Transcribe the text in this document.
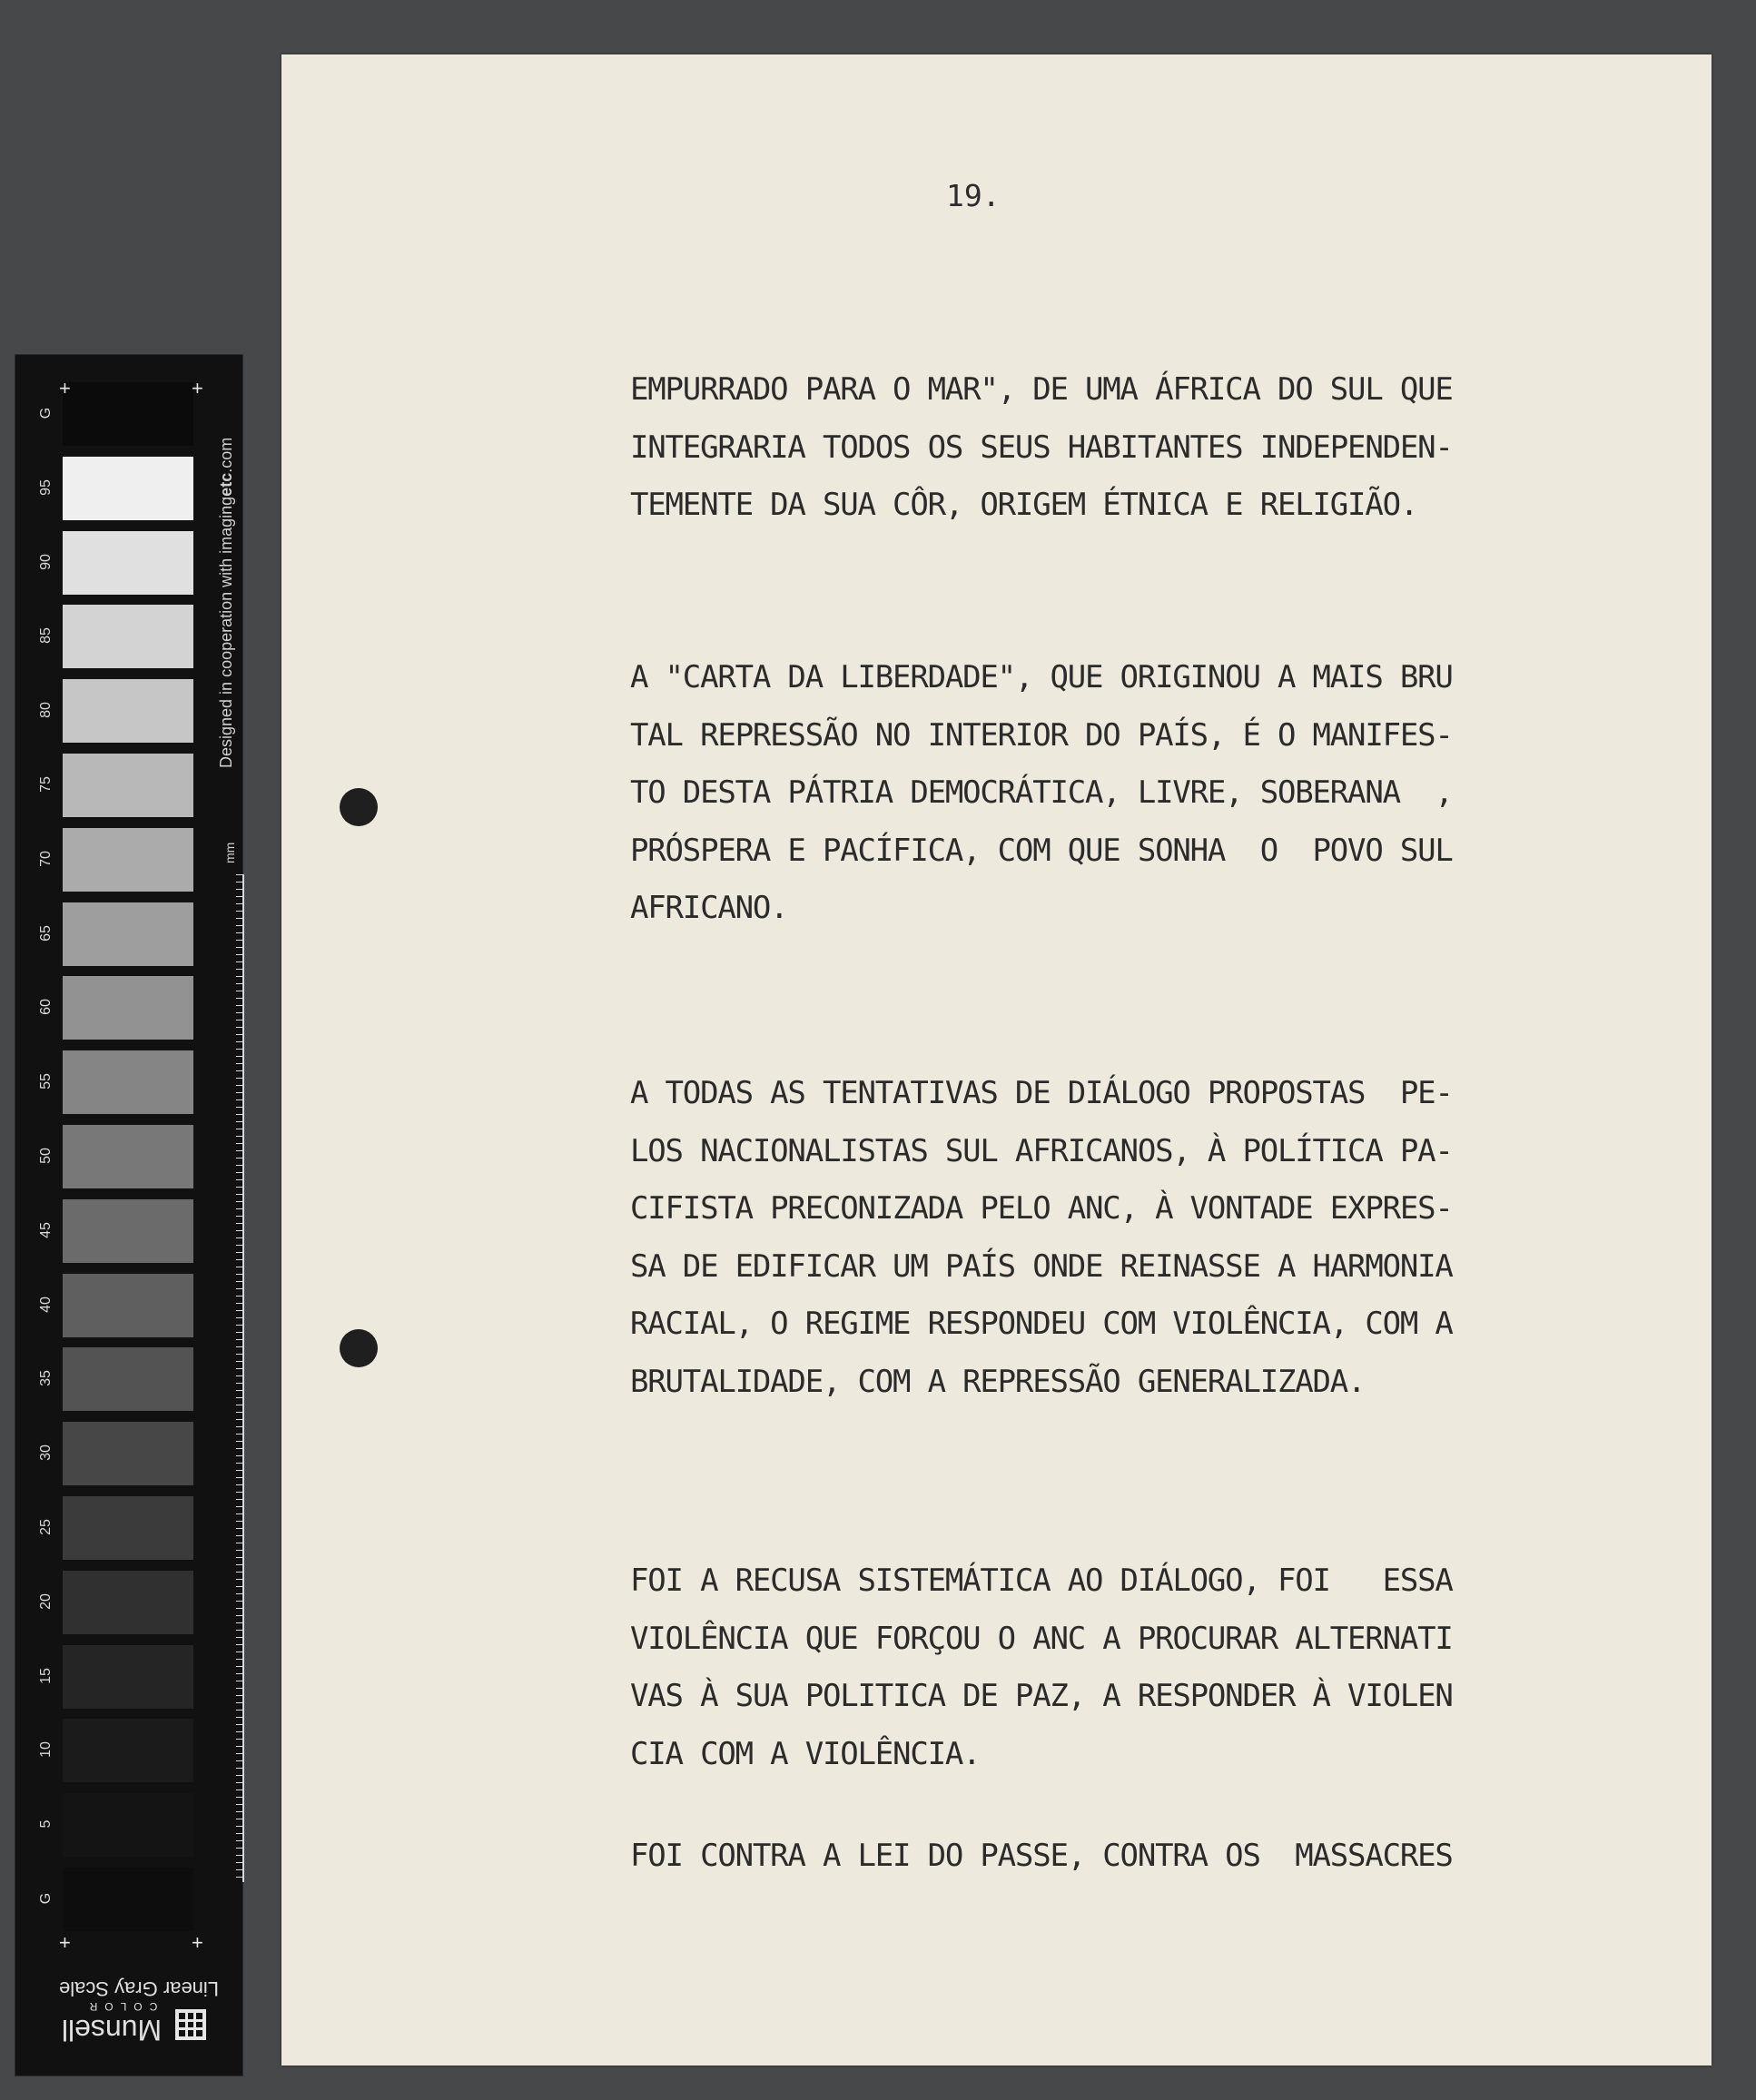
G
95
90
85
80
75
70
65
60
55
50
45
40
35
30
25
20
15
10
5
G
+	+
+	+
Designed in cooperation with imagingetc.com
mm
Linear Gray Scale
Munsell
COLOR
19.
EMPURRADO PARA O MAR", DE UMA ÁFRICA DO SUL QUE
INTEGRARIA TODOS OS SEUS HABITANTES INDEPENDEN-
TEMENTE DA SUA CÔR, ORIGEM ÉTNICA E RELIGIÃO.
A "CARTA DA LIBERDADE", QUE ORIGINOU A MAIS BRU
TAL REPRESSÃO NO INTERIOR DO PAÍS, É O MANIFES-
TO DESTA PÁTRIA DEMOCRÁTICA, LIVRE, SOBERANA  ,
PRÓSPERA E PACÍFICA, COM QUE SONHA  O  POVO SUL
AFRICANO.
A TODAS AS TENTATIVAS DE DIÁLOGO PROPOSTAS  PE-
LOS NACIONALISTAS SUL AFRICANOS, À POLÍTICA PA-
CIFISTA PRECONIZADA PELO ANC, À VONTADE EXPRES-
SA DE EDIFICAR UM PAÍS ONDE REINASSE A HARMONIA
RACIAL, O REGIME RESPONDEU COM VIOLÊNCIA, COM A
BRUTALIDADE, COM A REPRESSÃO GENERALIZADA.
FOI A RECUSA SISTEMÁTICA AO DIÁLOGO, FOI   ESSA
VIOLÊNCIA QUE FORÇOU O ANC A PROCURAR ALTERNATI
VAS À SUA POLITICA DE PAZ, A RESPONDER À VIOLEN
CIA COM A VIOLÊNCIA.
FOI CONTRA A LEI DO PASSE, CONTRA OS  MASSACRES
